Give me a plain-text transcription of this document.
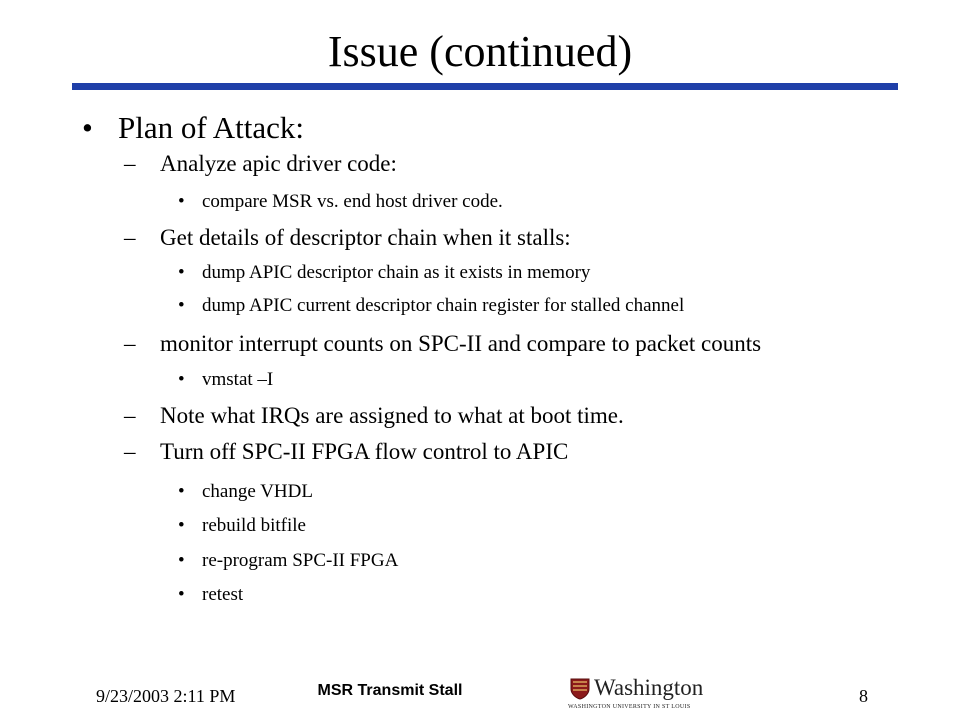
Issue (continued)
• Plan of Attack:
– Analyze apic driver code:
• compare MSR vs. end host driver code.
– Get details of descriptor chain when it stalls:
• dump APIC descriptor chain as it exists in memory
• dump APIC current descriptor chain register for stalled channel
– monitor interrupt counts on SPC-II and compare to packet counts
• vmstat –I
– Note what IRQs are assigned to what at boot time.
– Turn off SPC-II FPGA flow control to APIC
• change VHDL
• rebuild bitfile
• re-program SPC-II FPGA
• retest
9/23/2003 2:11 PM	MSR Transmit Stall	Washington
WASHINGTON UNIVERSITY IN ST LOUIS
8
